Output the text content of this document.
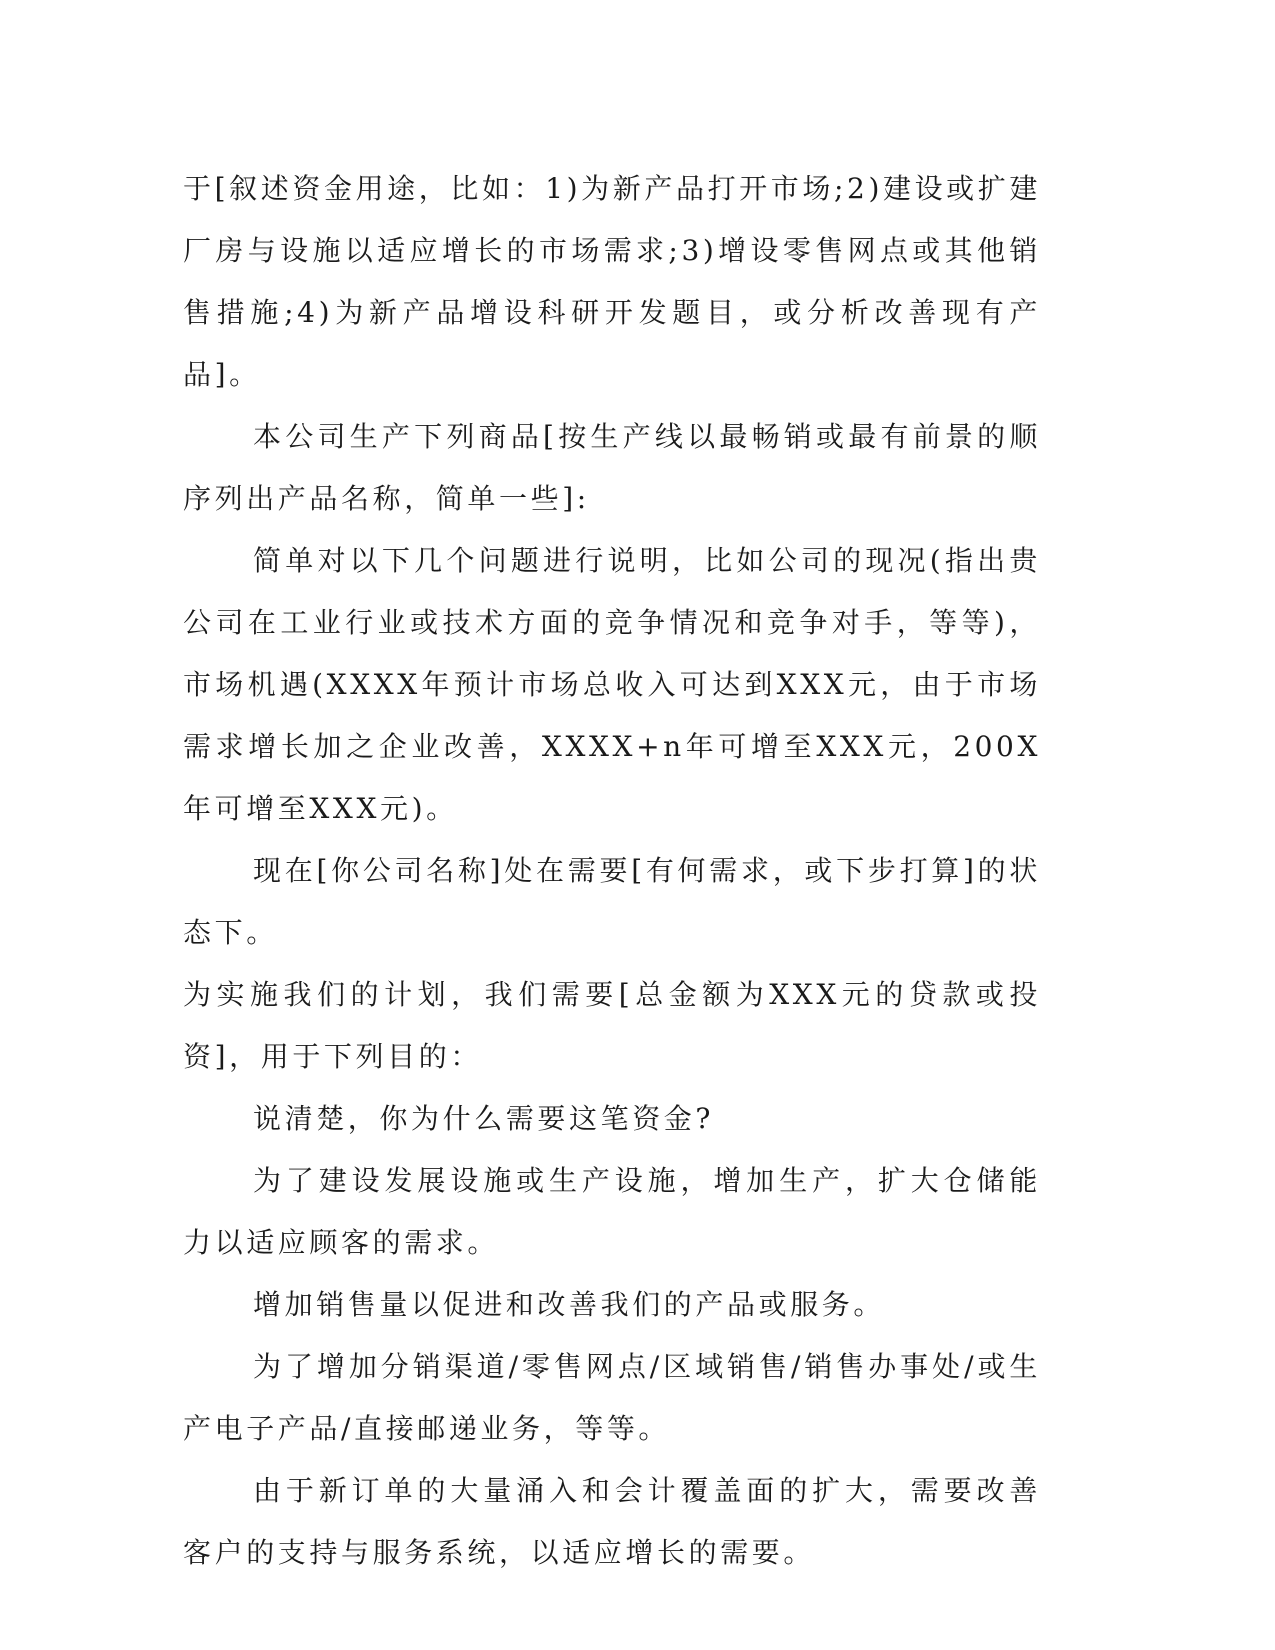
于[叙述资金用途，比如：1)为新产品打开市场;2)建设或扩建厂房与设施以适应增长的市场需求;3)增设零售网点或其他销售措施;4)为新产品增设科研开发题目，或分析改善现有产品]。

本公司生产下列商品[按生产线以最畅销或最有前景的顺序列出产品名称，简单一些]:

简单对以下几个问题进行说明，比如公司的现况(指出贵公司在工业行业或技术方面的竞争情况和竞争对手，等等)，市场机遇(XXXX年预计市场总收入可达到XXX元，由于市场需求增长加之企业改善，XXXX+n年可增至XXX元，200X年可增至XXX元)。

现在[你公司名称]处在需要[有何需求，或下步打算]的状态下。

为实施我们的计划，我们需要[总金额为XXX元的贷款或投资]，用于下列目的：

说清楚，你为什么需要这笔资金?

为了建设发展设施或生产设施，增加生产，扩大仓储能力以适应顾客的需求。

增加销售量以促进和改善我们的产品或服务。

为了增加分销渠道/零售网点/区域销售/销售办事处/或生产电子产品/直接邮递业务，等等。

由于新订单的大量涌入和会计覆盖面的扩大，需要改善客户的支持与服务系统，以适应增长的需要。
